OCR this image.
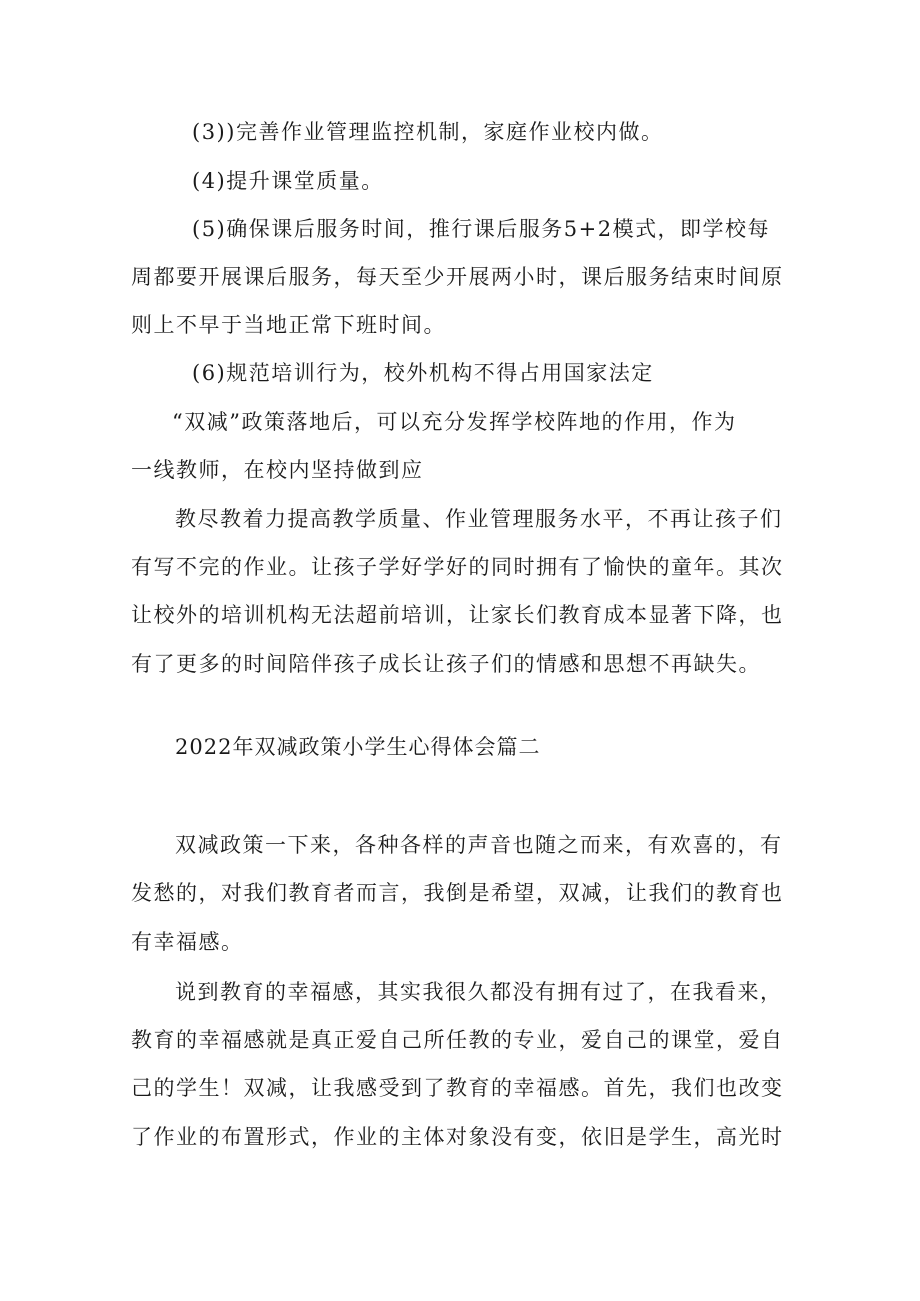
(3))完善作业管理监控机制，家庭作业校内做。
(4)提升课堂质量。
(5)确保课后服务时间，推行课后服务5+2模式，即学校每
周都要开展课后服务，每天至少开展两小时，课后服务结束时间原
则上不早于当地正常下班时间。
(6)规范培训行为，校外机构不得占用国家法定
“双减”政策落地后，可以充分发挥学校阵地的作用，作为
一线教师，在校内坚持做到应
教尽教着力提高教学质量、作业管理服务水平，不再让孩子们
有写不完的作业。让孩子学好学好的同时拥有了愉快的童年。其次
让校外的培训机构无法超前培训，让家长们教育成本显著下降，也
有了更多的时间陪伴孩子成长让孩子们的情感和思想不再缺失。
2022年双减政策小学生心得体会篇二
双减政策一下来，各种各样的声音也随之而来，有欢喜的，有
发愁的，对我们教育者而言，我倒是希望，双减，让我们的教育也
有幸福感。
说到教育的幸福感，其实我很久都没有拥有过了，在我看来，
教育的幸福感就是真正爱自己所任教的专业，爱自己的课堂，爱自
己的学生！双减，让我感受到了教育的幸福感。首先，我们也改变
了作业的布置形式，作业的主体对象没有变，依旧是学生，高光时
